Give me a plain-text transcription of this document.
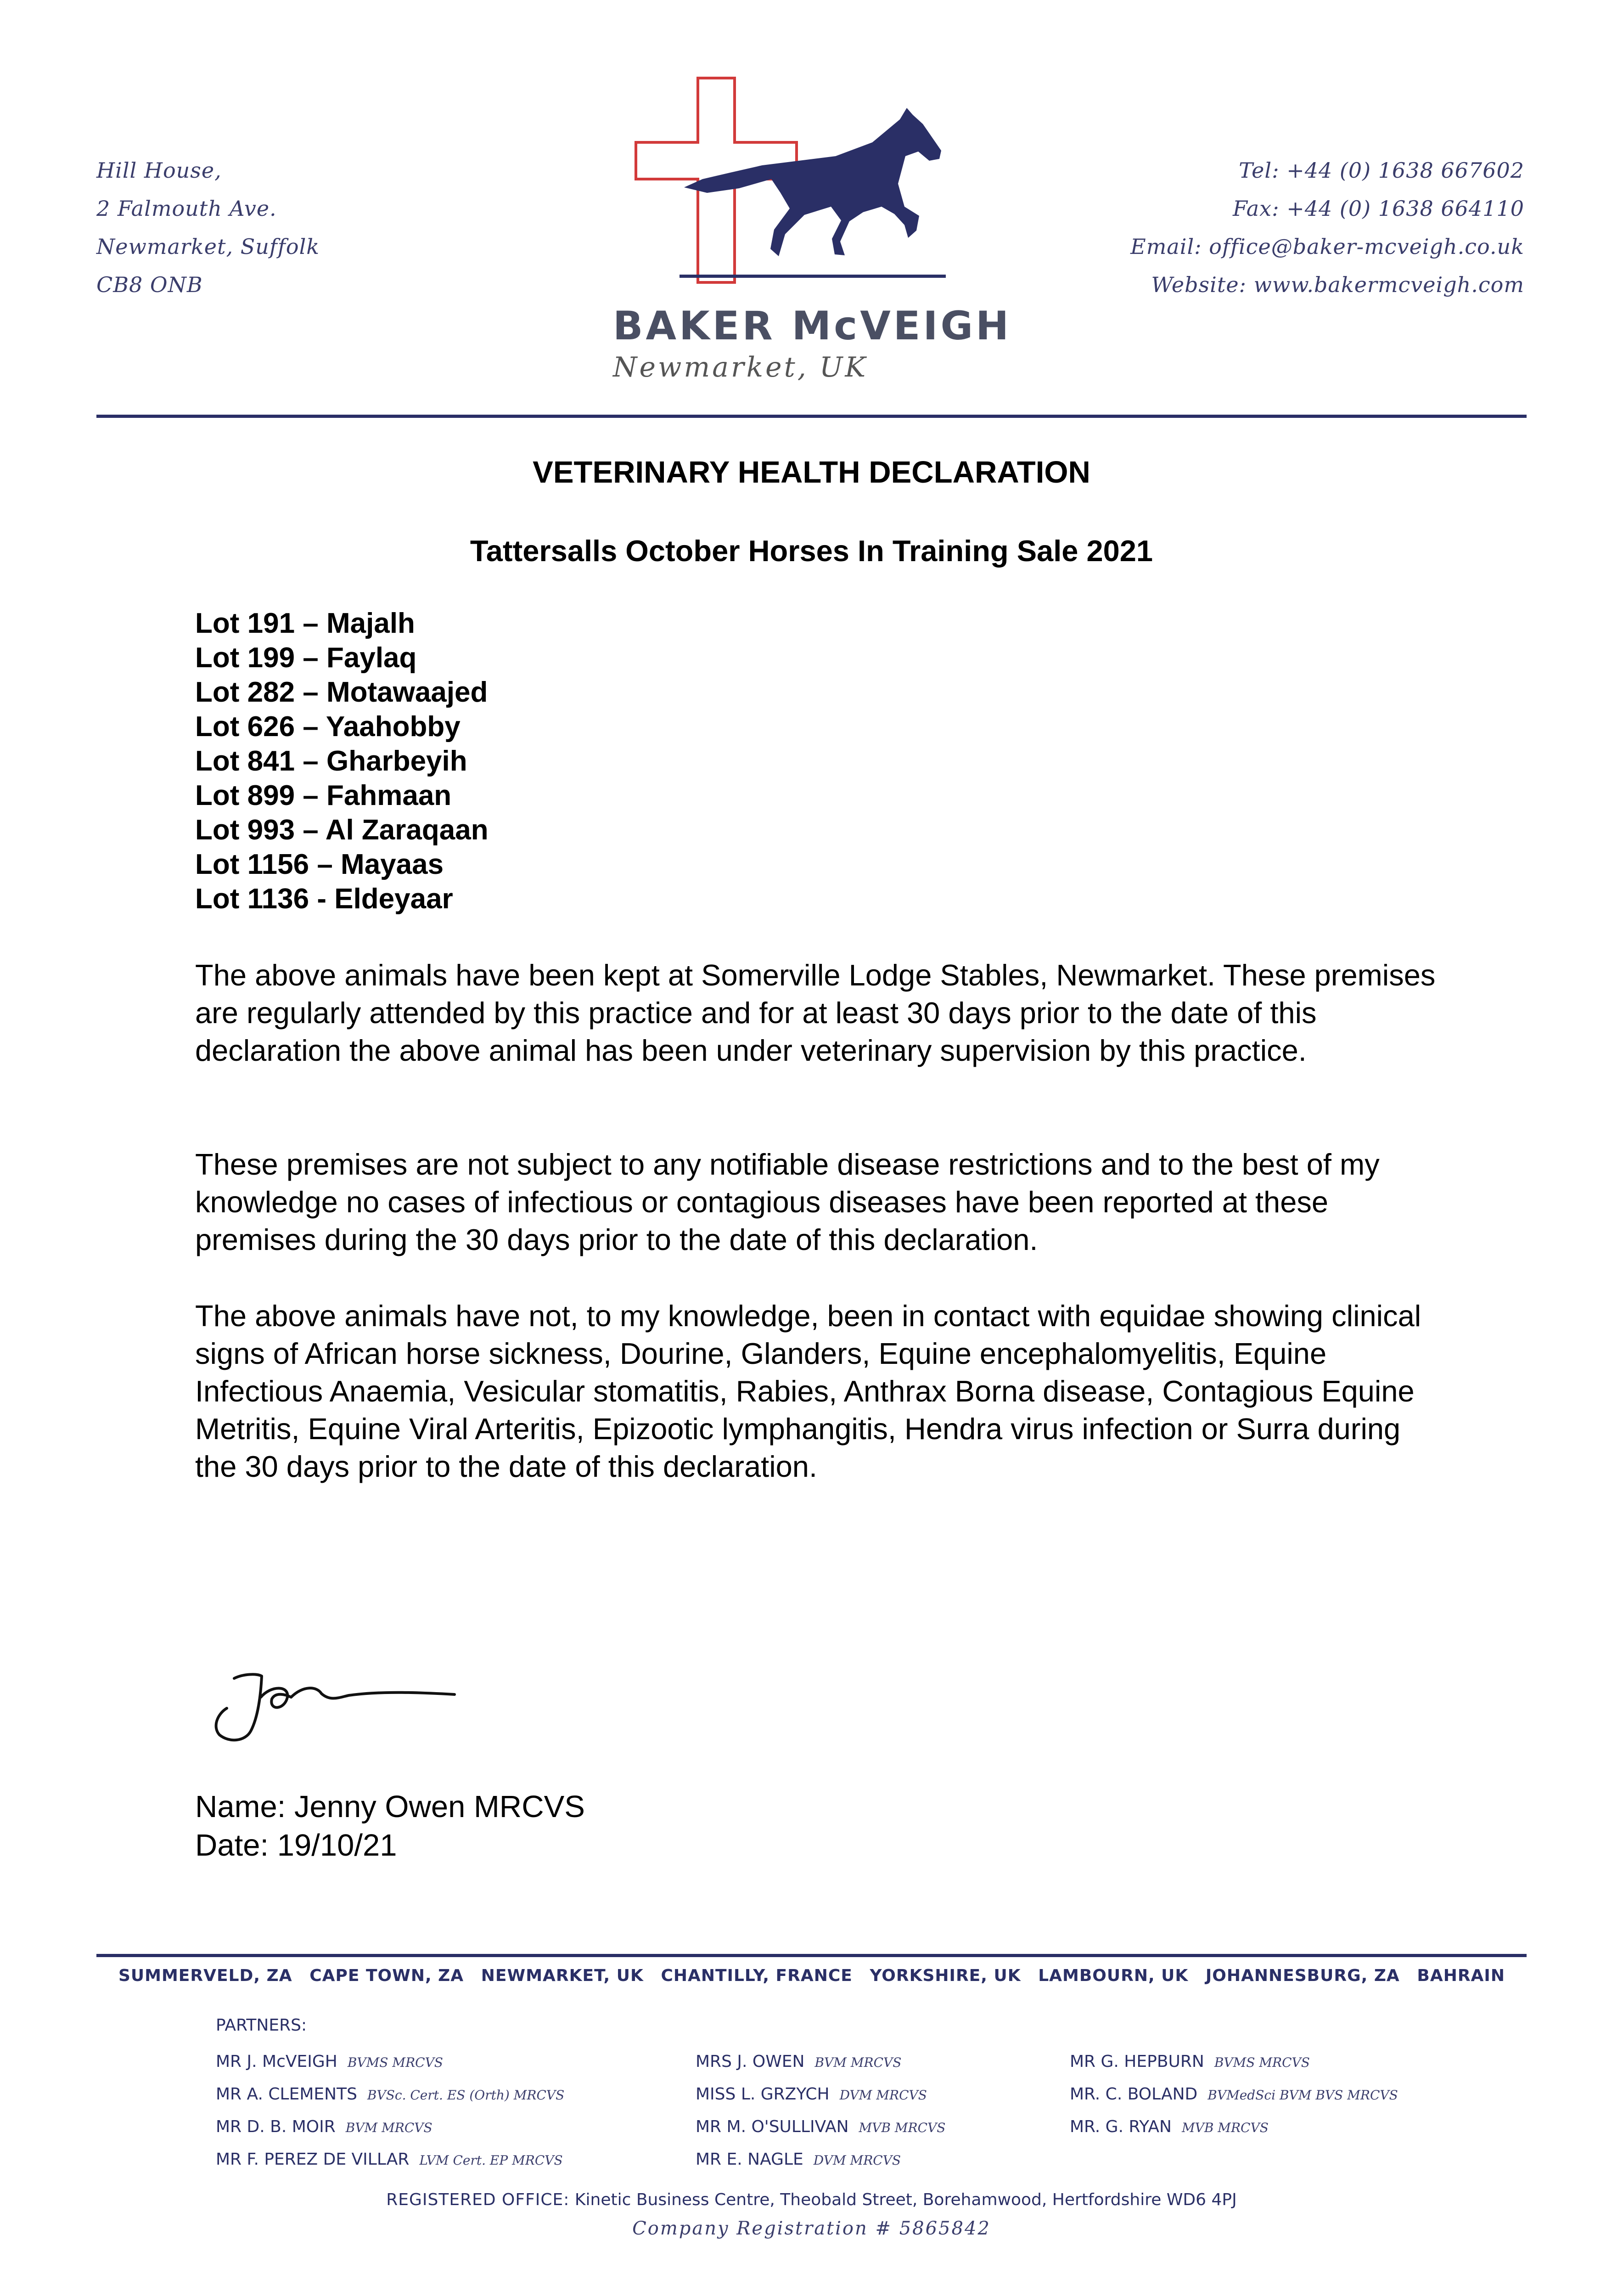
Hill House,
2 Falmouth Ave.
Newmarket, Suffolk
CB8 ONB
BAKER McVEIGH
Newmarket, UK
Tel: +44 (0) 1638 667602
Fax: +44 (0) 1638 664110
Email: office@baker-mcveigh.co.uk
Website: www.bakermcveigh.com
VETERINARY HEALTH DECLARATION
Tattersalls October Horses In Training Sale 2021
Lot 191 – Majalh
Lot 199 – Faylaq
Lot 282 – Motawaajed
Lot 626 – Yaahobby
Lot 841 – Gharbeyih
Lot 899 – Fahmaan
Lot 993 – Al Zaraqaan
Lot 1156 – Mayaas
Lot 1136 - Eldeyaar
The above animals have been kept at Somerville Lodge Stables, Newmarket. These premises are regularly attended by this practice and for at least 30 days prior to the date of this declaration the above animal has been under veterinary supervision by this practice.
These premises are not subject to any notifiable disease restrictions and to the best of my knowledge no cases of infectious or contagious diseases have been reported at these premises during the 30 days prior to the date of this declaration.
The above animals have not, to my knowledge, been in contact with equidae showing clinical signs of African horse sickness, Dourine, Glanders, Equine encephalomyelitis, Equine Infectious Anaemia, Vesicular stomatitis, Rabies, Anthrax Borna disease, Contagious Equine Metritis, Equine Viral Arteritis, Epizootic lymphangitis, Hendra virus infection or Surra during the 30 days prior to the date of this declaration.
Name: Jenny Owen MRCVS
Date: 19/10/21
SUMMERVELD, ZA CAPE TOWN, ZA NEWMARKET, UK CHANTILLY, FRANCE YORKSHIRE, UK LAMBOURN, UK JOHANNESBURG, ZA BAHRAIN
PARTNERS:
MR J. McVEIGH BVMS MRCVS
MR A. CLEMENTS BVSc. Cert. ES (Orth) MRCVS
MR D. B. MOIR BVM MRCVS
MR F. PEREZ DE VILLAR LVM Cert. EP MRCVS
MRS J. OWEN BVM MRCVS
MISS L. GRZYCH DVM MRCVS
MR M. O'SULLIVAN MVB MRCVS
MR E. NAGLE DVM MRCVS
MR G. HEPBURN BVMS MRCVS
MR. C. BOLAND BVMedSci BVM BVS MRCVS
MR. G. RYAN MVB MRCVS
REGISTERED OFFICE: Kinetic Business Centre, Theobald Street, Borehamwood, Hertfordshire WD6 4PJ
Company Registration # 5865842
